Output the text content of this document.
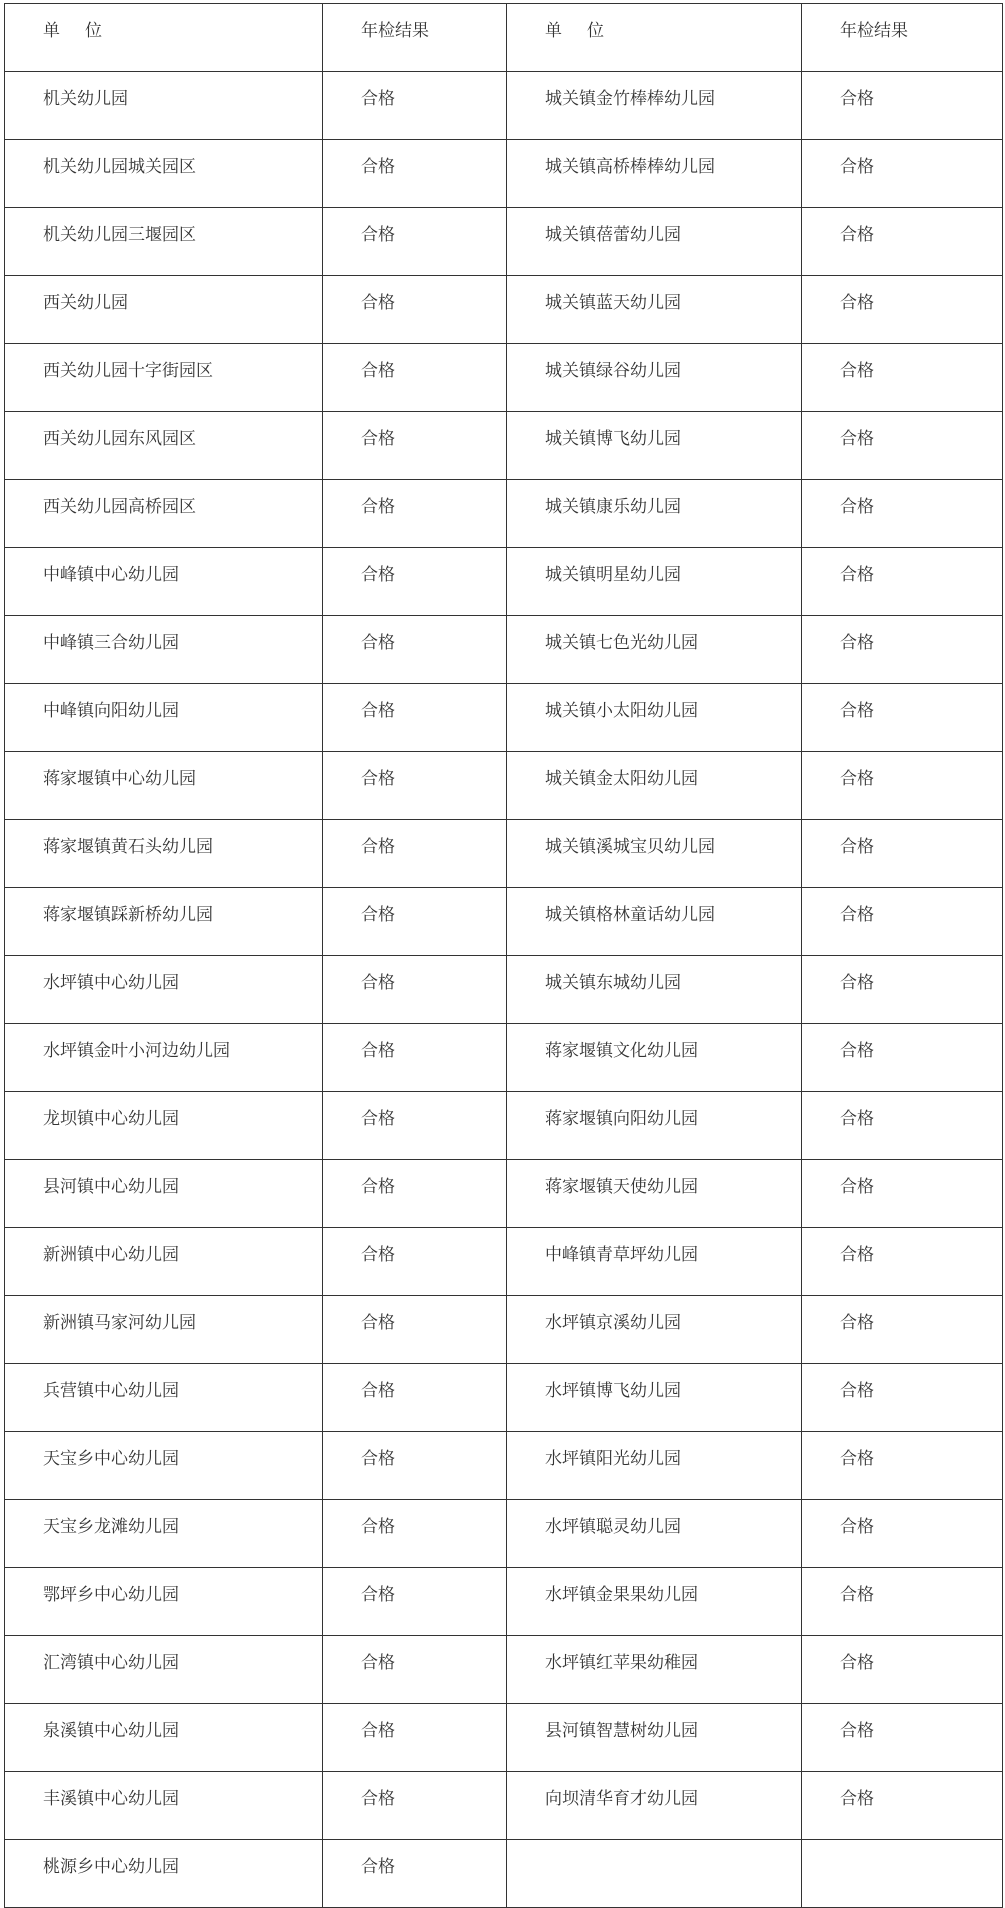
单　位	年检结果	单　位	年检结果
机关幼儿园	合格	城关镇金竹棒棒幼儿园	合格
机关幼儿园城关园区	合格	城关镇高桥棒棒幼儿园	合格
机关幼儿园三堰园区	合格	城关镇蓓蕾幼儿园	合格
西关幼儿园	合格	城关镇蓝天幼儿园	合格
西关幼儿园十字街园区	合格	城关镇绿谷幼儿园	合格
西关幼儿园东风园区	合格	城关镇博飞幼儿园	合格
西关幼儿园高桥园区	合格	城关镇康乐幼儿园	合格
中峰镇中心幼儿园	合格	城关镇明星幼儿园	合格
中峰镇三合幼儿园	合格	城关镇七色光幼儿园	合格
中峰镇向阳幼儿园	合格	城关镇小太阳幼儿园	合格
蒋家堰镇中心幼儿园	合格	城关镇金太阳幼儿园	合格
蒋家堰镇黄石头幼儿园	合格	城关镇溪城宝贝幼儿园	合格
蒋家堰镇踩新桥幼儿园	合格	城关镇格林童话幼儿园	合格
水坪镇中心幼儿园	合格	城关镇东城幼儿园	合格
水坪镇金叶小河边幼儿园	合格	蒋家堰镇文化幼儿园	合格
龙坝镇中心幼儿园	合格	蒋家堰镇向阳幼儿园	合格
县河镇中心幼儿园	合格	蒋家堰镇天使幼儿园	合格
新洲镇中心幼儿园	合格	中峰镇青草坪幼儿园	合格
新洲镇马家河幼儿园	合格	水坪镇京溪幼儿园	合格
兵营镇中心幼儿园	合格	水坪镇博飞幼儿园	合格
天宝乡中心幼儿园	合格	水坪镇阳光幼儿园	合格
天宝乡龙滩幼儿园	合格	水坪镇聪灵幼儿园	合格
鄂坪乡中心幼儿园	合格	水坪镇金果果幼儿园	合格
汇湾镇中心幼儿园	合格	水坪镇红苹果幼稚园	合格
泉溪镇中心幼儿园	合格	县河镇智慧树幼儿园	合格
丰溪镇中心幼儿园	合格	向坝清华育才幼儿园	合格
桃源乡中心幼儿园	合格		
